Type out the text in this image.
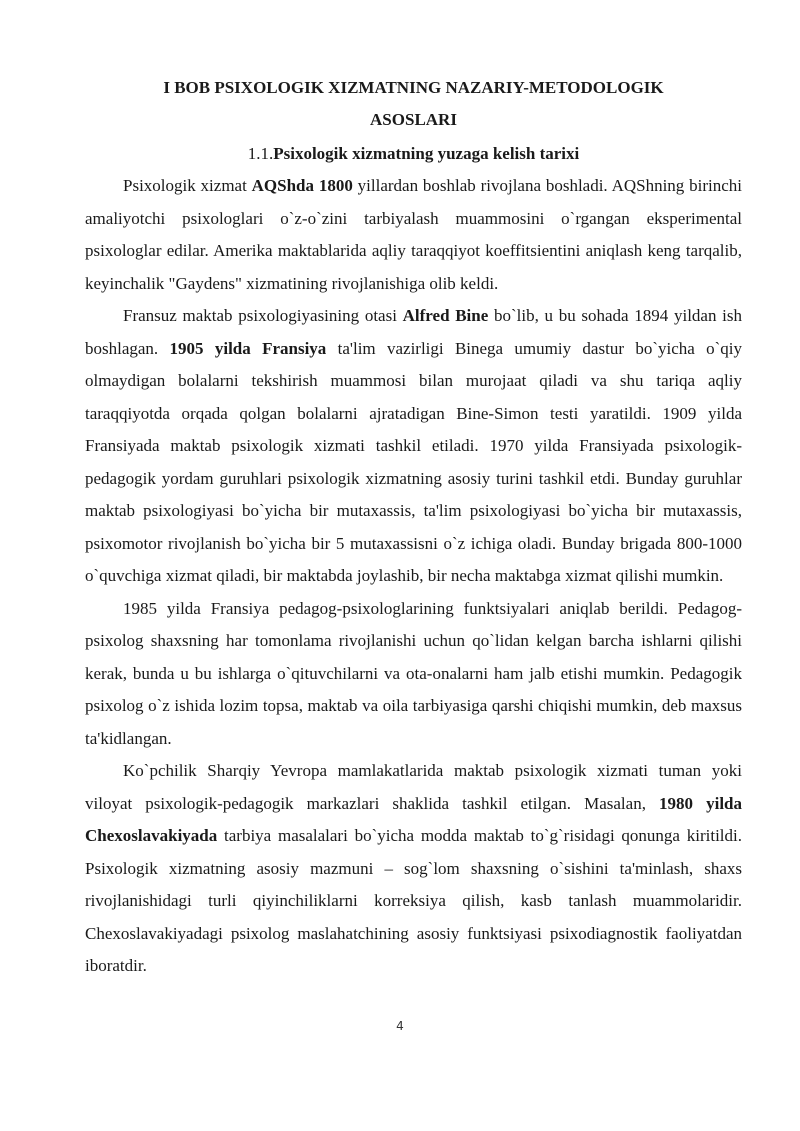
I BOB PSIXOLOGIK XIZMATNING NAZARIY-METODOLOGIK
ASOSLARI
1.1.Psixologik xizmatning yuzaga kelish tarixi

Psixologik xizmat AQShda 1800 yillardan boshlab rivojlana boshladi. AQShning birinchi amaliyotchi psixologlari o`z-o`zini tarbiyalash muammosini o`rgangan eksperimental psixologlar edilar. Amerika maktablarida aqliy taraqqiyot koeffitsientini aniqlash keng tarqalib, keyinchalik "Gaydens" xizmatining rivojlanishiga olib keldi.

Fransuz maktab psixologiyasining otasi Alfred Bine bo`lib, u bu sohada 1894 yildan ish boshlagan. 1905 yilda Fransiya ta'lim vazirligi Binega umumiy dastur bo`yicha o`qiy olmaydigan bolalarni tekshirish muammosi bilan murojaat qiladi va shu tariqa aqliy taraqqiyotda orqada qolgan bolalarni ajratadigan Bine-Simon testi yaratildi. 1909 yilda Fransiyada maktab psixologik xizmati tashkil etiladi. 1970 yilda Fransiyada psixologik-pedagogik yordam guruhlari psixologik xizmatning asosiy turini tashkil etdi. Bunday guruhlar maktab psixologiyasi bo`yicha bir mutaxassis, ta'lim psixologiyasi bo`yicha bir mutaxassis, psixomotor rivojlanish bo`yicha bir 5 mutaxassisni o`z ichiga oladi. Bunday brigada 800-1000 o`quvchiga xizmat qiladi, bir maktabda joylashib, bir necha maktabga xizmat qilishi mumkin.

1985 yilda Fransiya pedagog-psixologlarining funktsiyalari aniqlab berildi. Pedagog-psixolog shaxsning har tomonlama rivojlanishi uchun qo`lidan kelgan barcha ishlarni qilishi kerak, bunda u bu ishlarga o`qituvchilarni va ota-onalarni ham jalb etishi mumkin. Pedagogik psixolog o`z ishida lozim topsa, maktab va oila tarbiyasiga qarshi chiqishi mumkin, deb maxsus ta'kidlangan.

Ko`pchilik Sharqiy Yevropa mamlakatlarida maktab psixologik xizmati tuman yoki viloyat psixologik-pedagogik markazlari shaklida tashkil etilgan. Masalan, 1980 yilda Chexoslavakiyada tarbiya masalalari bo`yicha modda maktab to`g`risidagi qonunga kiritildi. Psixologik xizmatning asosiy mazmuni – sog`lom shaxsning o`sishini ta'minlash, shaxs rivojlanishidagi turli qiyinchiliklarni korreksiya qilish, kasb tanlash muammolaridir. Chexoslavakiyadagi psixolog maslahatchining asosiy funktsiyasi psixodiagnostik faoliyatdan iboratdir.

4
